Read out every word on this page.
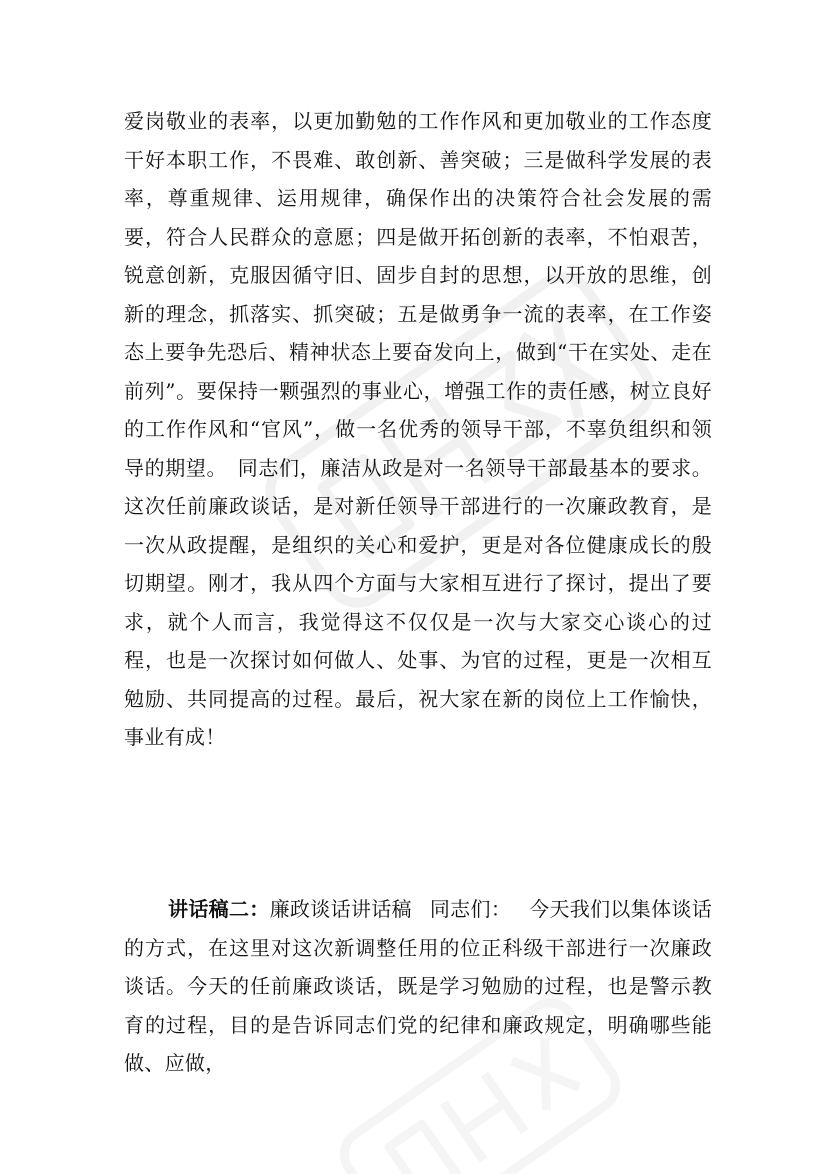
爱岗敬业的表率，以更加勤勉的工作作风和更加敬业的工作态度干好本职工作，不畏难、敢创新、善突破；三是做科学发展的表率，尊重规律、运用规律，确保作出的决策符合社会发展的需要，符合人民群众的意愿；四是做开拓创新的表率，不怕艰苦，锐意创新，克服因循守旧、固步自封的思想，以开放的思维，创新的理念，抓落实、抓突破；五是做勇争一流的表率，在工作姿态上要争先恐后、精神状态上要奋发向上，做到“干在实处、走在前列”。要保持一颗强烈的事业心，增强工作的责任感，树立良好的工作作风和“官风”，做一名优秀的领导干部，不辜负组织和领导的期望。　同志们，廉洁从政是对一名领导干部最基本的要求。这次任前廉政谈话，是对新任领导干部进行的一次廉政教育，是一次从政提醒，是组织的关心和爱护，更是对各位健康成长的殷切期望。刚才，我从四个方面与大家相互进行了探讨，提出了要求，就个人而言，我觉得这不仅仅是一次与大家交心谈心的过程，也是一次探讨如何做人、处事、为官的过程，更是一次相互勉励、共同提高的过程。最后，祝大家在新的岗位上工作愉快，事业有成！

讲话稿二：廉政谈话讲话稿 同志们： 今天我们以集体谈话的方式，在这里对这次新调整任用的位正科级干部进行一次廉政谈话。今天的任前廉政谈话，既是学习勉励的过程，也是警示教育的过程，目的是告诉同志们党的纪律和廉政规定，明确哪些能做、应做，
